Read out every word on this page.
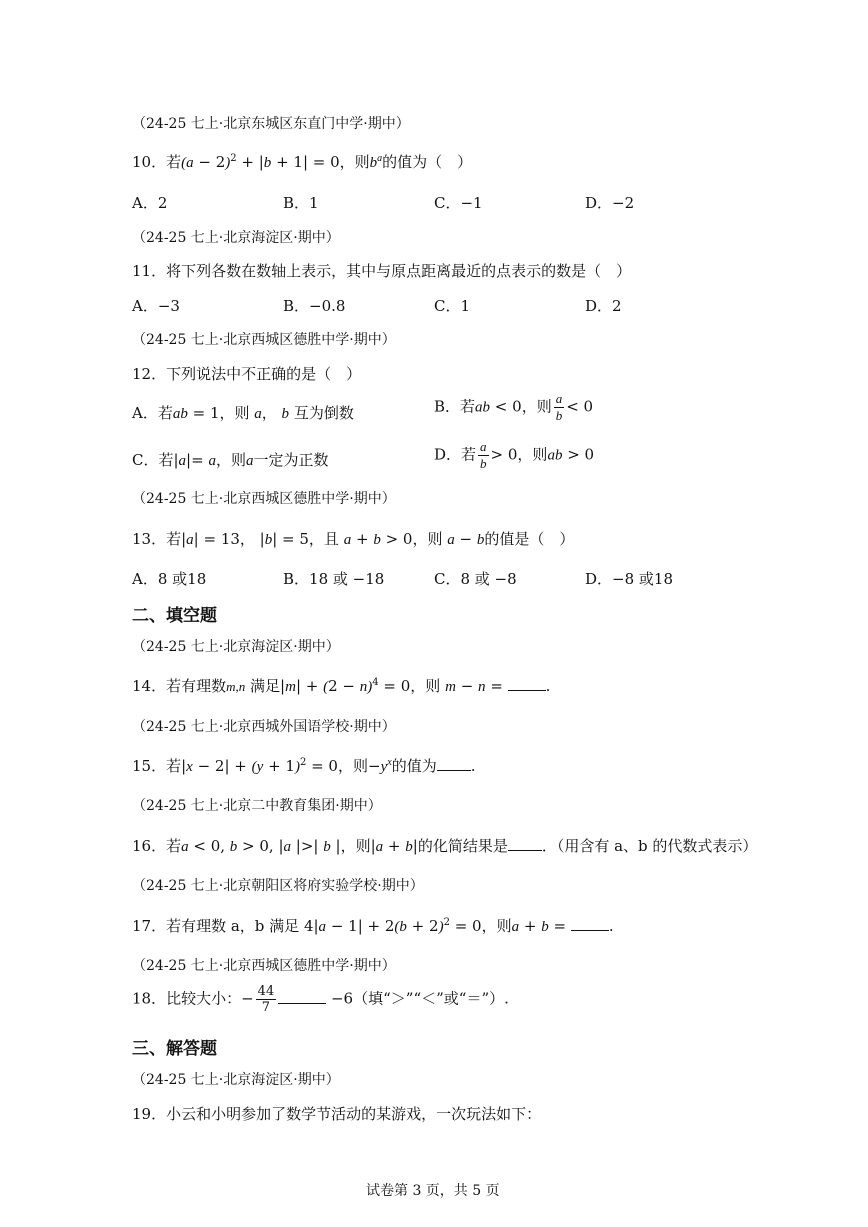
（24-25 七上·北京东城区东直门中学·期中）
10．若$(a - 2)^2 + |b + 1| = 0$，则$b^a$的值为（　）
A．2	B．1	C．−1	D．−2
（24-25 七上·北京海淀区·期中）
11．将下列各数在数轴上表示，其中与原点距离最近的点表示的数是（　）
A．−3	B．−0.8	C．1	D．2
（24-25 七上·北京西城区德胜中学·期中）
12．下列说法中不正确的是（　）
A．若ab = 1，则 a， b 互为倒数	B．若ab < 0，则 $\frac{a}{b} < 0$
C．若|a|= a，则a一定为正数	D．若 $\frac{a}{b} > 0$，则ab > 0
（24-25 七上·北京西城区德胜中学·期中）
13．若|a| = 13， |b| = 5，且 a + b > 0，则 a − b的值是（　）
A．8 或18	B．18 或 −18	C．8 或 −8	D．−8 或18
二、填空题
（24-25 七上·北京海淀区·期中）
14．若有理数m,n 满足$|m| + (2 - n)^4 = 0$，则 m − n =	.
（24-25 七上·北京西城外国语学校·期中）
15．若$|x - 2| + (y + 1)^2 = 0$，则$-y^x$的值为 .
（24-25 七上·北京二中教育集团·期中）
16．若a < 0, b > 0, |a |>| b |，则|a + b|的化简结果是 ．（用含有 a、b 的代数式表示）
（24-25 七上·北京朝阳区将府实验学校·期中）
17．若有理数 a，b 满足 $4|a - 1| + 2(b + 2)^2 = 0$，则a + b =	.
（24-25 七上·北京西城区德胜中学·期中）
18．比较大小：− $\frac{44}{7}$	−6（填“＞”“＜”或“＝”）.
三、解答题
（24-25 七上·北京海淀区·期中）
19．小云和小明参加了数学节活动的某游戏，一次玩法如下：
试卷第 3 页，共 5 页
